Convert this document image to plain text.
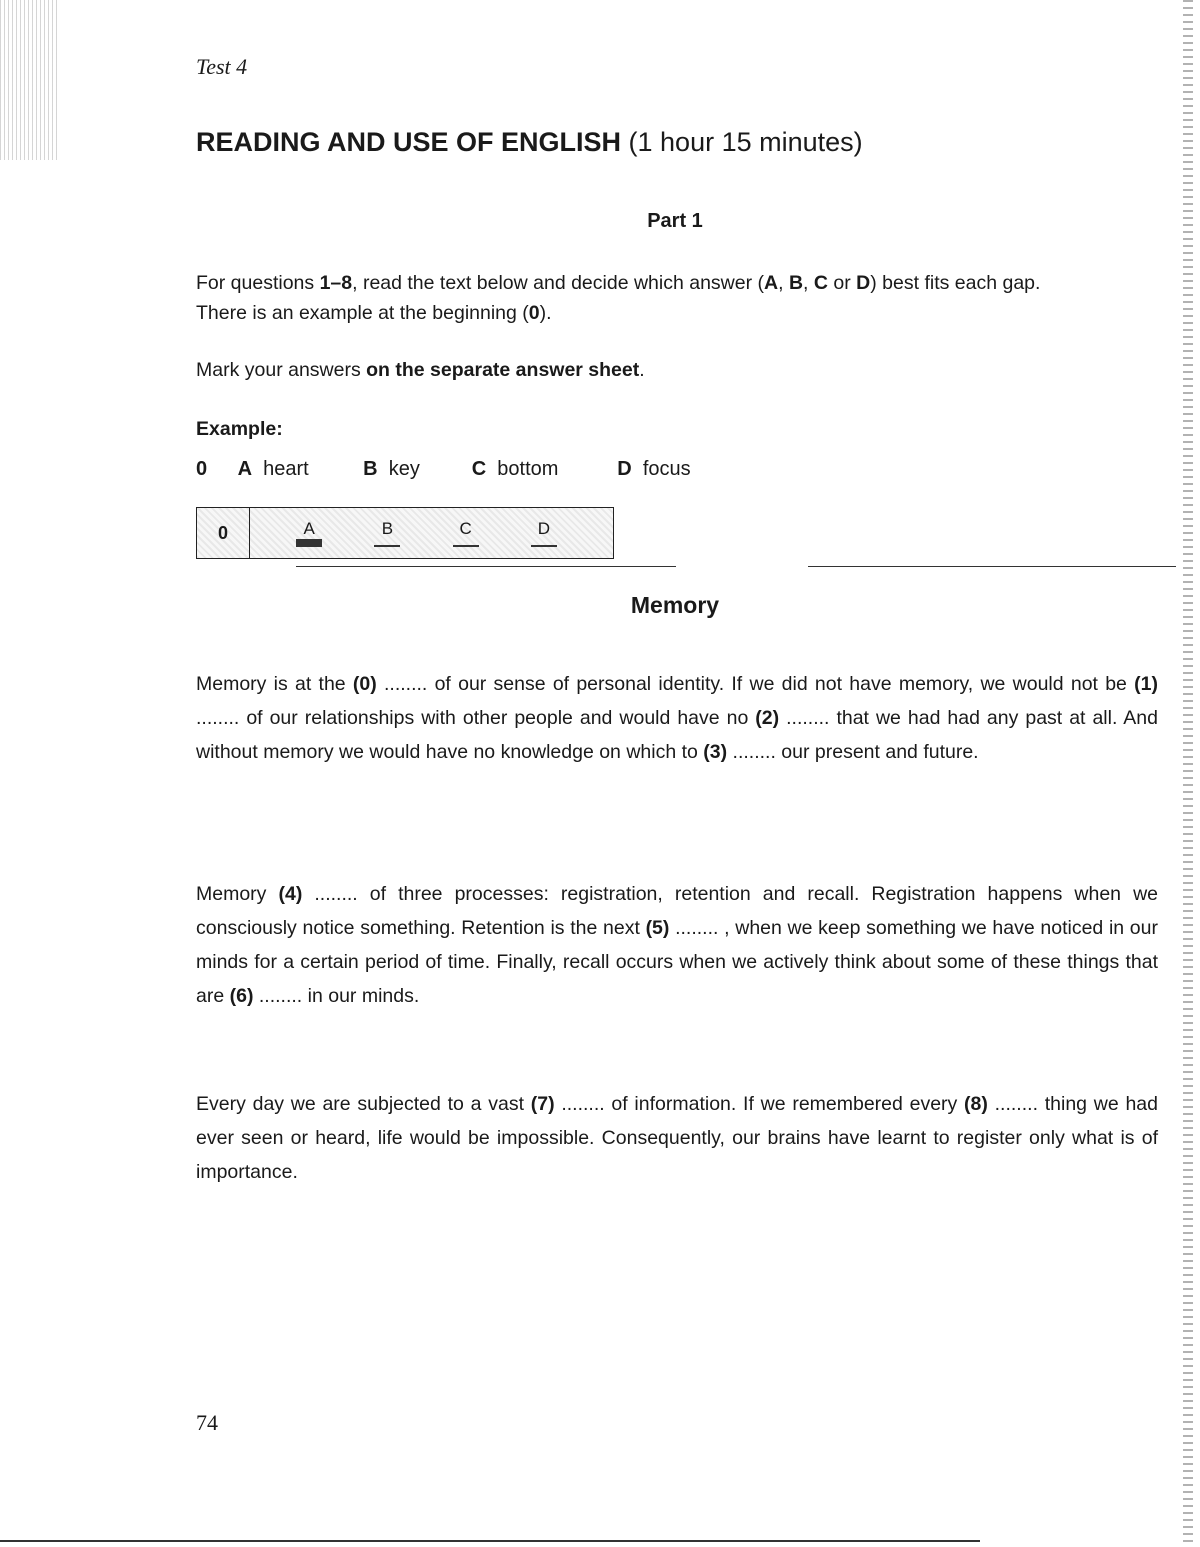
Test 4
READING AND USE OF ENGLISH (1 hour 15 minutes)
Part 1
For questions 1–8, read the text below and decide which answer (A, B, C or D) best fits each gap.
There is an example at the beginning (0).
Mark your answers on the separate answer sheet.
Example:
0 A heart	B key	C bottom	D focus
0	A	B	C	D
Memory
Memory is at the (0) ........ of our sense of personal identity. If we did not have memory, we would not be (1) ........ of our relationships with other people and would have no (2) ........ that we had had any past at all. And without memory we would have no knowledge on which to (3) ........ our present and future.
Memory (4) ........ of three processes: registration, retention and recall. Registration happens when we consciously notice something. Retention is the next (5) ........ , when we keep something we have noticed in our minds for a certain period of time. Finally, recall occurs when we actively think about some of these things that are (6) ........ in our minds.
Every day we are subjected to a vast (7) ........ of information. If we remembered every (8) ........ thing we had ever seen or heard, life would be impossible. Consequently, our brains have learnt to register only what is of importance.
74
